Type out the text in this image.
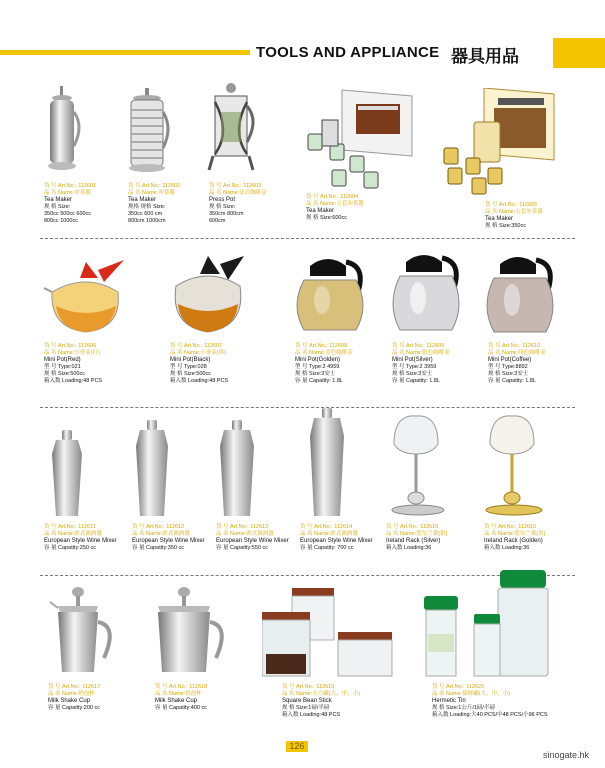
TOOLS AND APPLIANCE 器具用品
货 号 Art.No.: 112601
品 名 Name:冲茶器
Tea Maker
规 格 Size:
350cc 500cc 600cc
800cc 1000cc
货 号 Art.No.: 112602
品 名 Name:冲茶器
Tea Maker
规格 规格 Size:
350cc 600 cm
800cm 1000cm
货 号 Art.No.: 112603
品 名 Name:法式咖啡壶
Press Pot
规 格 Size:
350cm 800cm
600cm
货 号 Art.No.: 112604
品 名 Name:五套冲茶器
Tea Maker
规 格 Size:600cc
货 号 Art.No.: 112605
品 名 Name:五套冲茶器
Tea Maker
规 格 Size:350cc
货 号 Art.No.: 112606
品 名 Name:小哥壶(红)
Mini Pot(Red)
型 号 Type:021
规 格 Size:500cc
箱入数 Loading:48 PCS
货 号 Art.No.: 112607
品 名 Name:小哥壶(黑)
Mini Pot(Black)
型 号 Type:028
规 格 Size:500cc
箱入数 Loading:48 PCS
货 号 Art.No.: 112608
品 名 Name:金色咖啡壶
Mini Pot(Golden)
型 号 Type:2 4959
规 格 Size:3安士
容 量 Capatity: 1.8L
货 号 Art.No.: 112609
品 名 Name:银色咖啡壶
Mini Pot(Silver)
型 号 Type:2 3959
规 格 Size:3安士
容 量 Capatity: 1.8L
货 号 Art.No.: 112610
品 名 Name:啡色咖啡壶
Mini Pot(Coffee)
型 号 Type:8892
规 格 Size:3安士
容 量 Capatity: 1.8L
货 号 Art.No.: 112611
品 名 Name:欧式调酒器
European Style Wine Mixer
容 量 Capatity:250 cc
货 号 Art.No.: 112612
品 名 Name:欧式调酒器
European Style Wine Mixer
容 量 Capatity:350 cc
货 号 Art.No.: 112613
品 名 Name:欧式调酒器
European Style Wine Mixer
容 量 Capatity:550 cc
货 号 Art.No.: 112614
品 名 Name:欧式调酒器
European Style Wine Mixer
容 量 Capatity: 700 cc
货 号 Art.No.: 112615
品 名 Name:爱尔兰架(银)
Ireland Rack (Silver)
箱入数 Loading:36
货 号 Art.No.: 112616
品 名 Name:爱尔兰架(金)
Ireland Rack (Golden)
箱入数 Loading:36
货 号 Art.No.: 112617
品 名 Name:奶泡杯
Milk Shake Cup
容 量 Capatity:200 cc
货 号 Art.No.: 112618
品 名 Name:奶泡杯
Milk Shake Cup
容 量 Capatity:400 cc
货 号 Art.No.: 112619
品 名 Name:方豆罐(大、中、小)
Square Bean Stick
规 格 Size:1磅/半磅
箱入数 Loading:48 PCS
货 号 Art.No.: 112620
品 名 Name:保鲜罐(大、中、小)
Hermetic Tin
规 格 Size:1公斤/1磅/半磅
箱入数 Loading:大40 PCS/中48 PCS/小96 PCS
126
sinogate.hk
